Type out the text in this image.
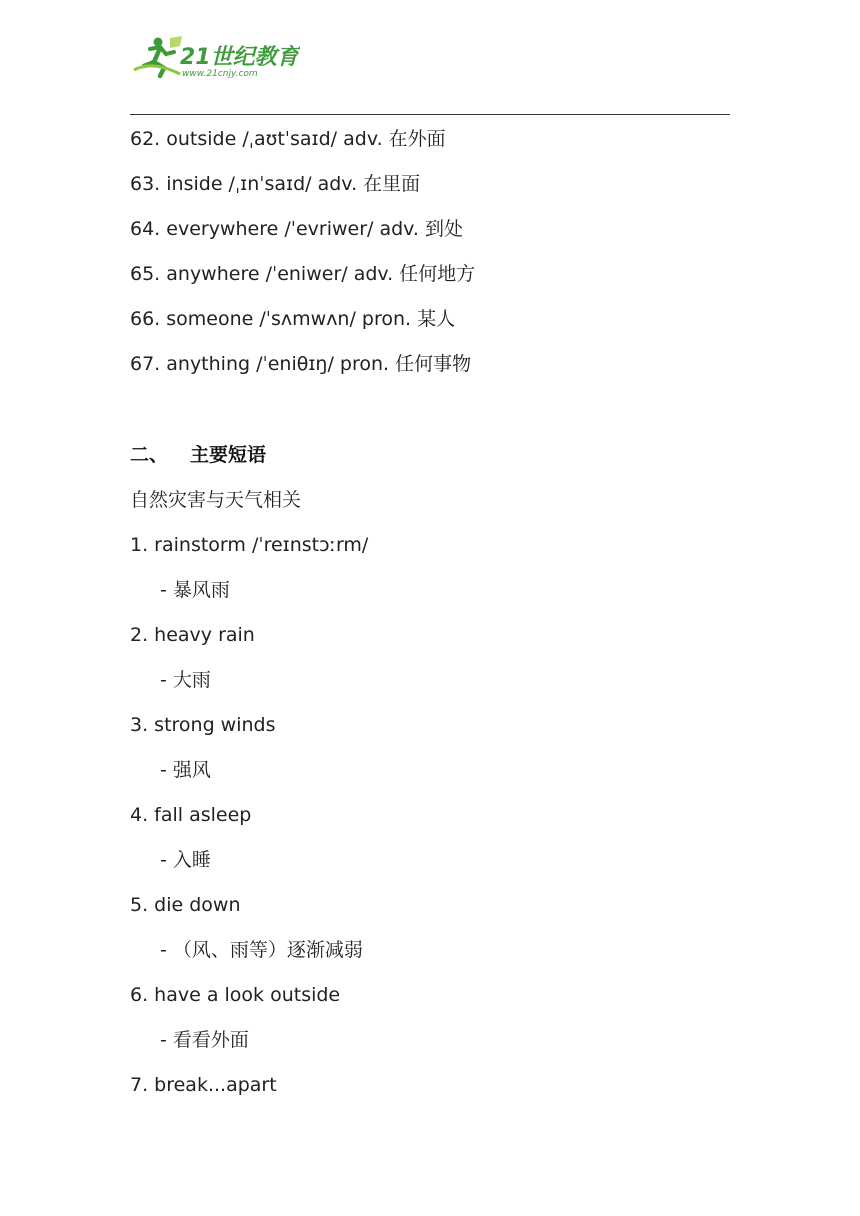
21世纪教育
www.21cnjy.com
62. outside /ˌaʊtˈsaɪd/ adv. 在外面
63. inside /ˌɪnˈsaɪd/ adv. 在里面
64. everywhere /ˈevriwer/ adv. 到处
65. anywhere /ˈeniwer/ adv. 任何地方
66. someone /ˈsʌmwʌn/ pron. 某人
67. anything /ˈeniθɪŋ/ pron. 任何事物
二、 主要短语
自然灾害与天气相关
1. rainstorm /ˈreɪnstɔːrm/
- 暴风雨
2. heavy rain
- 大雨
3. strong winds
- 强风
4. fall asleep
- 入睡
5. die down
- （风、雨等）逐渐减弱
6. have a look outside
- 看看外面
7. break...apart
